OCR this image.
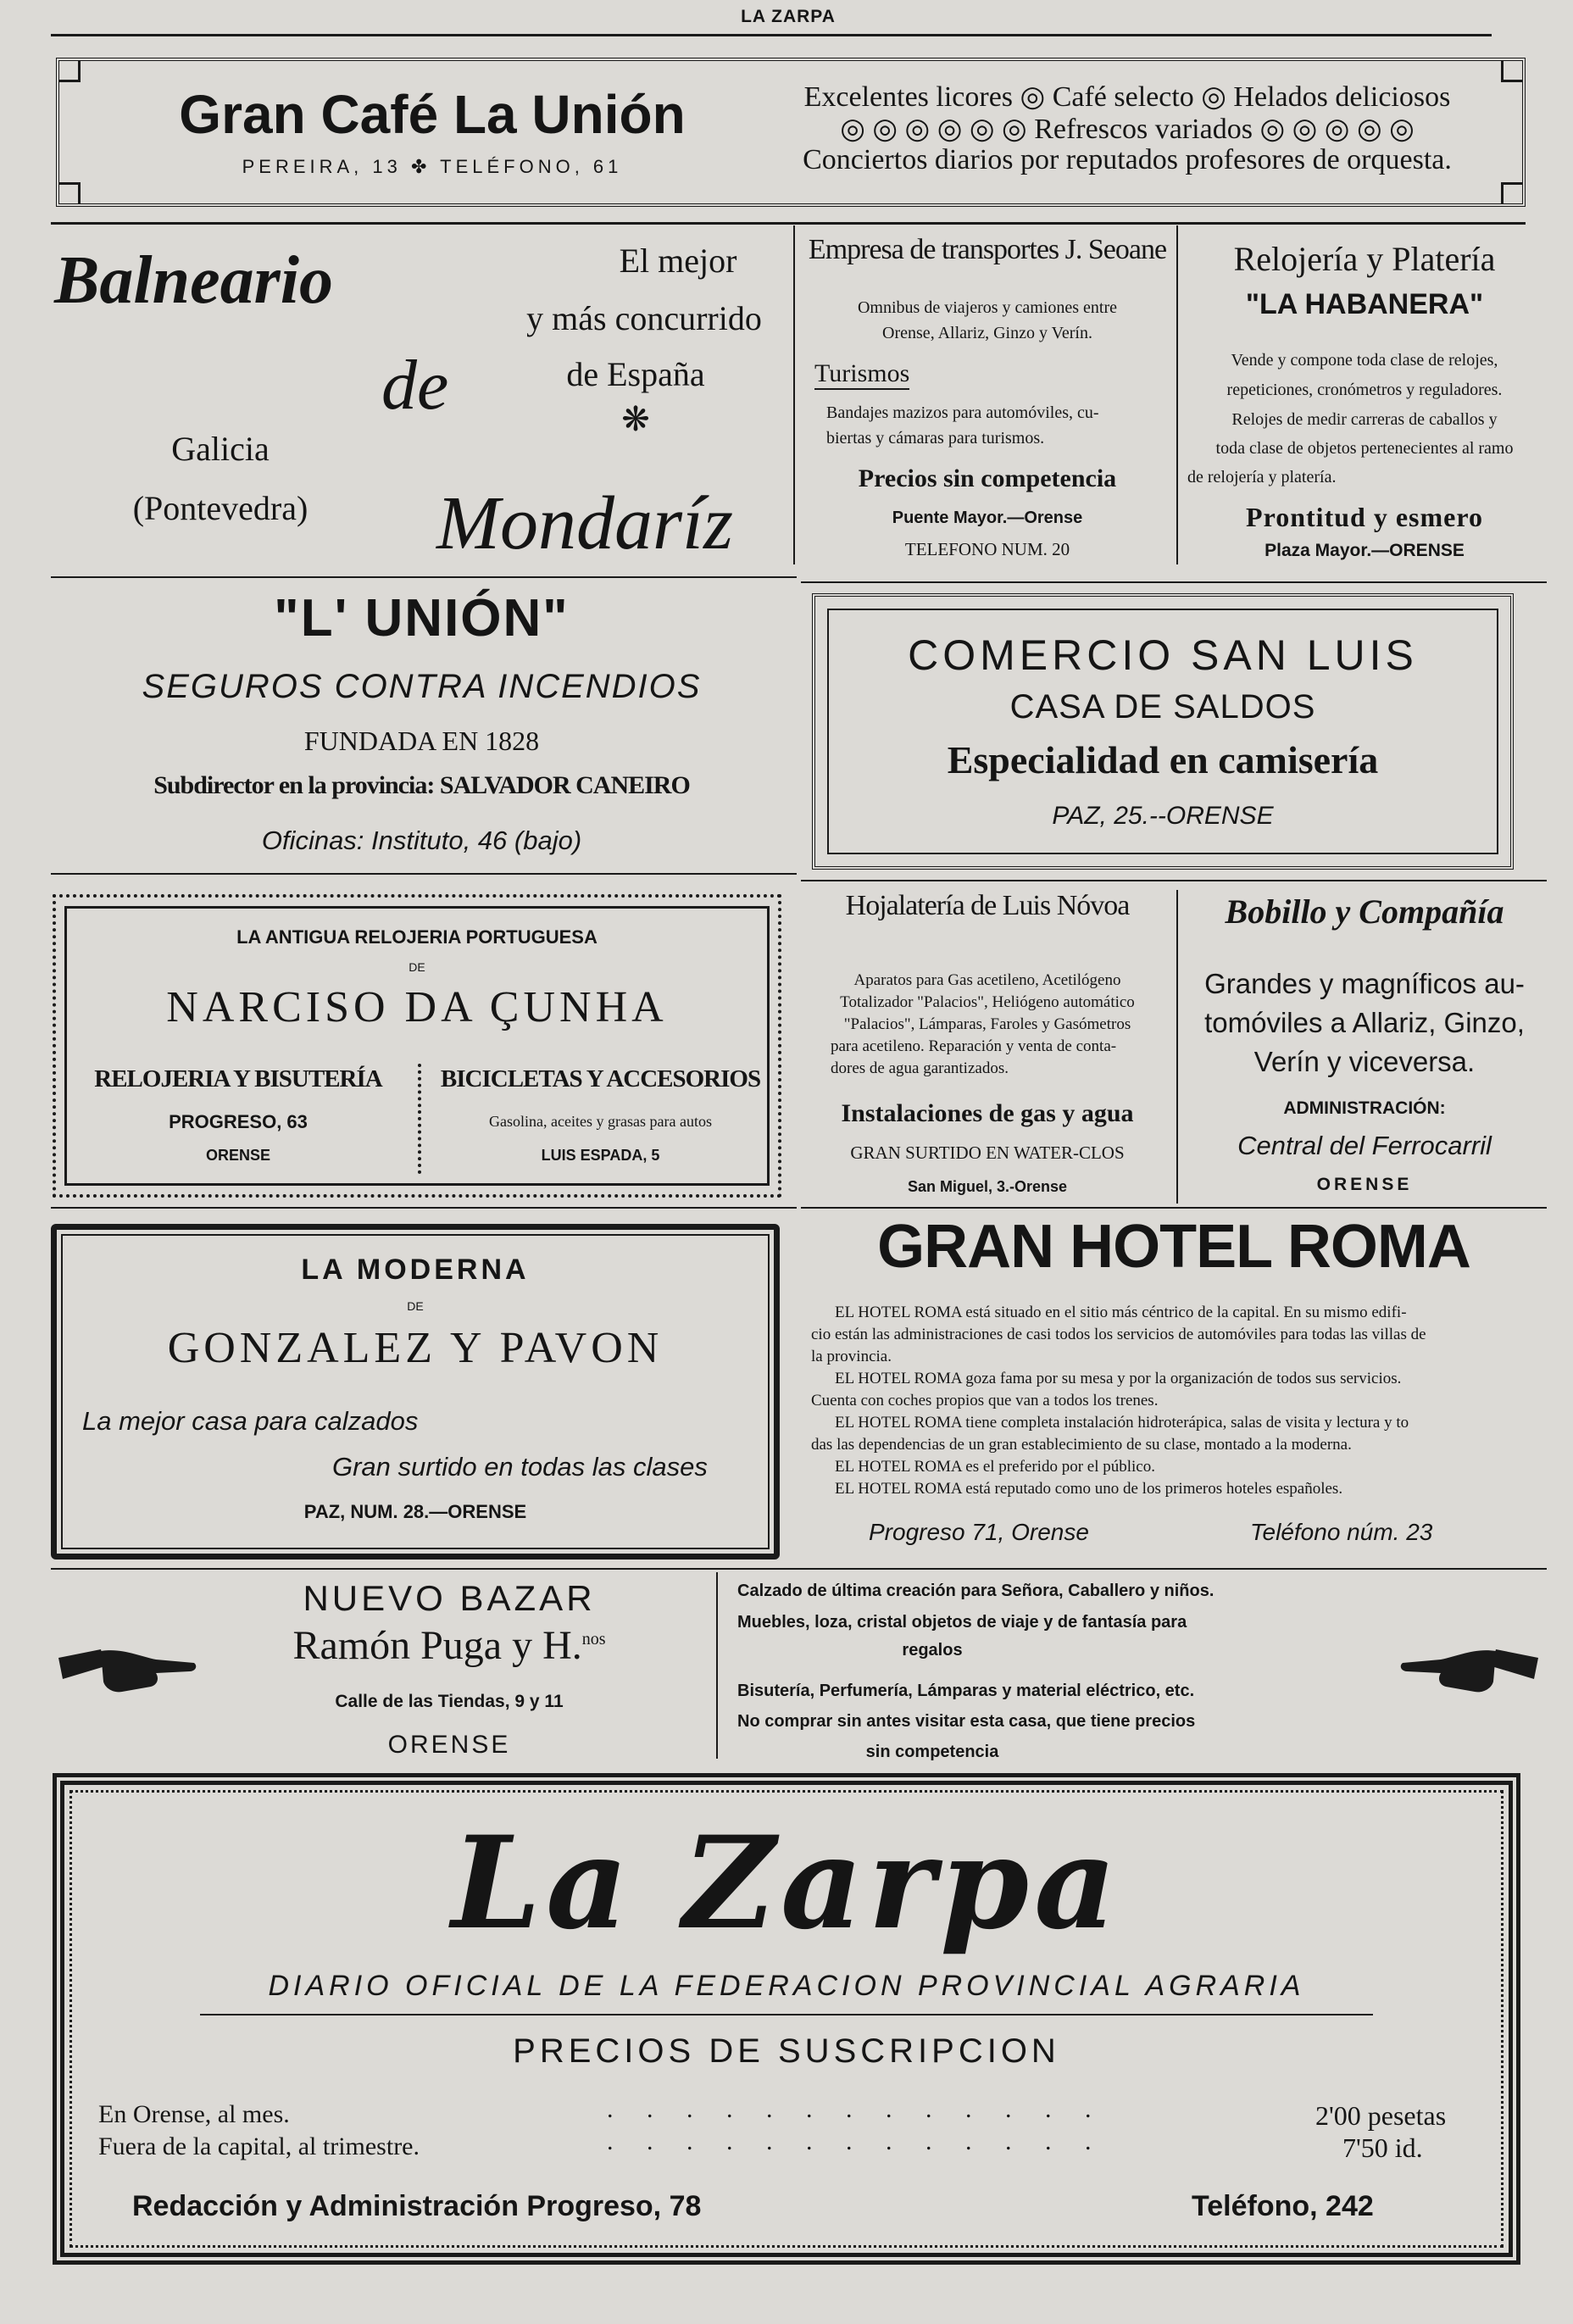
LA ZARPA
Gran Café La Unión
PEREIRA, 13 ✤ TELÉFONO, 61
Excelentes licores ◎ Café selecto ◎ Helados deliciosos
◎ ◎ ◎ ◎ ◎ ◎ Refrescos variados ◎ ◎ ◎ ◎ ◎
Conciertos diarios por reputados profesores de orquesta.
Balneario
de
Mondaríz
Galicia
(Pontevedra)
El mejor
y más concurrido
de España
❋
Empresa de transportes J. Seoane
Omnibus de viajeros y camiones entre
Orense, Allariz, Ginzo y Verín.
Turismos
Bandajes mazizos para automóviles, cu-
biertas y cámaras para turismos.
Precios sin competencia
Puente Mayor.—Orense
TELEFONO NUM. 20
Relojería y Platería
"LA HABANERA"
Vende y compone toda clase de relojes,
repeticiones, cronómetros y reguladores.
Relojes de medir carreras de caballos y
toda clase de objetos pertenecientes al ramo
de relojería y platería.
Prontitud y esmero
Plaza Mayor.—ORENSE
"L' UNIÓN"
SEGUROS CONTRA INCENDIOS
FUNDADA EN 1828
Subdirector en la provincia: SALVADOR CANEIRO
Oficinas: Instituto, 46 (bajo)
COMERCIO SAN LUIS
CASA DE SALDOS
Especialidad en camisería
PAZ, 25.--ORENSE
LA ANTIGUA RELOJERIA PORTUGUESA
DE
NARCISO DA ÇUNHA
RELOJERIA Y BISUTERÍA
PROGRESO, 63
ORENSE
BICICLETAS Y ACCESORIOS
Gasolina, aceites y grasas para autos
LUIS ESPADA, 5
Hojalatería de Luis Nóvoa
Aparatos para Gas acetileno, Acetilógeno
Totalizador "Palacios", Heliógeno automático
"Palacios", Lámparas, Faroles y Gasómetros
para acetileno. Reparación y venta de conta-
dores de agua garantizados.
Instalaciones de gas y agua
GRAN SURTIDO EN WATER-CLOS
San Miguel, 3.-Orense
Bobillo y Compañía
Grandes y magníficos au-
tomóviles a Allariz, Ginzo,
Verín y viceversa.
ADMINISTRACIÓN:
Central del Ferrocarril
ORENSE
LA MODERNA
DE
GONZALEZ Y PAVON
La mejor casa para calzados
Gran surtido en todas las clases
PAZ, NUM. 28.—ORENSE
GRAN HOTEL ROMA
EL HOTEL ROMA está situado en el sitio más céntrico de la capital. En su mismo edifi-
cio están las administraciones de casi todos los servicios de automóviles para todas las villas de
la provincia.
EL HOTEL ROMA goza fama por su mesa y por la organización de todos sus servicios.
Cuenta con coches propios que van a todos los trenes.
EL HOTEL ROMA tiene completa instalación hidroterápica, salas de visita y lectura y to
das las dependencias de un gran establecimiento de su clase, montado a la moderna.
EL HOTEL ROMA es el preferido por el público.
EL HOTEL ROMA está reputado como uno de los primeros hoteles españoles.
Progreso 71, Orense	Teléfono núm. 23
NUEVO BAZAR
Ramón Puga y H.$^{nos}$
Calle de las Tiendas, 9 y 11
ORENSE
Calzado de última creación para Señora, Caballero y niños.
Muebles, loza, cristal objetos de viaje y de fantasía para
regalos
Bisutería, Perfumería, Lámparas y material eléctrico, etc.
No comprar sin antes visitar esta casa, que tiene precios
sin competencia
La Zarpa
DIARIO OFICIAL DE LA FEDERACION PROVINCIAL AGRARIA
PRECIOS DE SUSCRIPCION
En Orense, al mes.	. . . . . . . . . . . . .	2'00 pesetas
Fuera de la capital, al trimestre.	. . . . . . . . . . . . .	7'50 id.
Redacción y Administración Progreso, 78	Teléfono, 242
